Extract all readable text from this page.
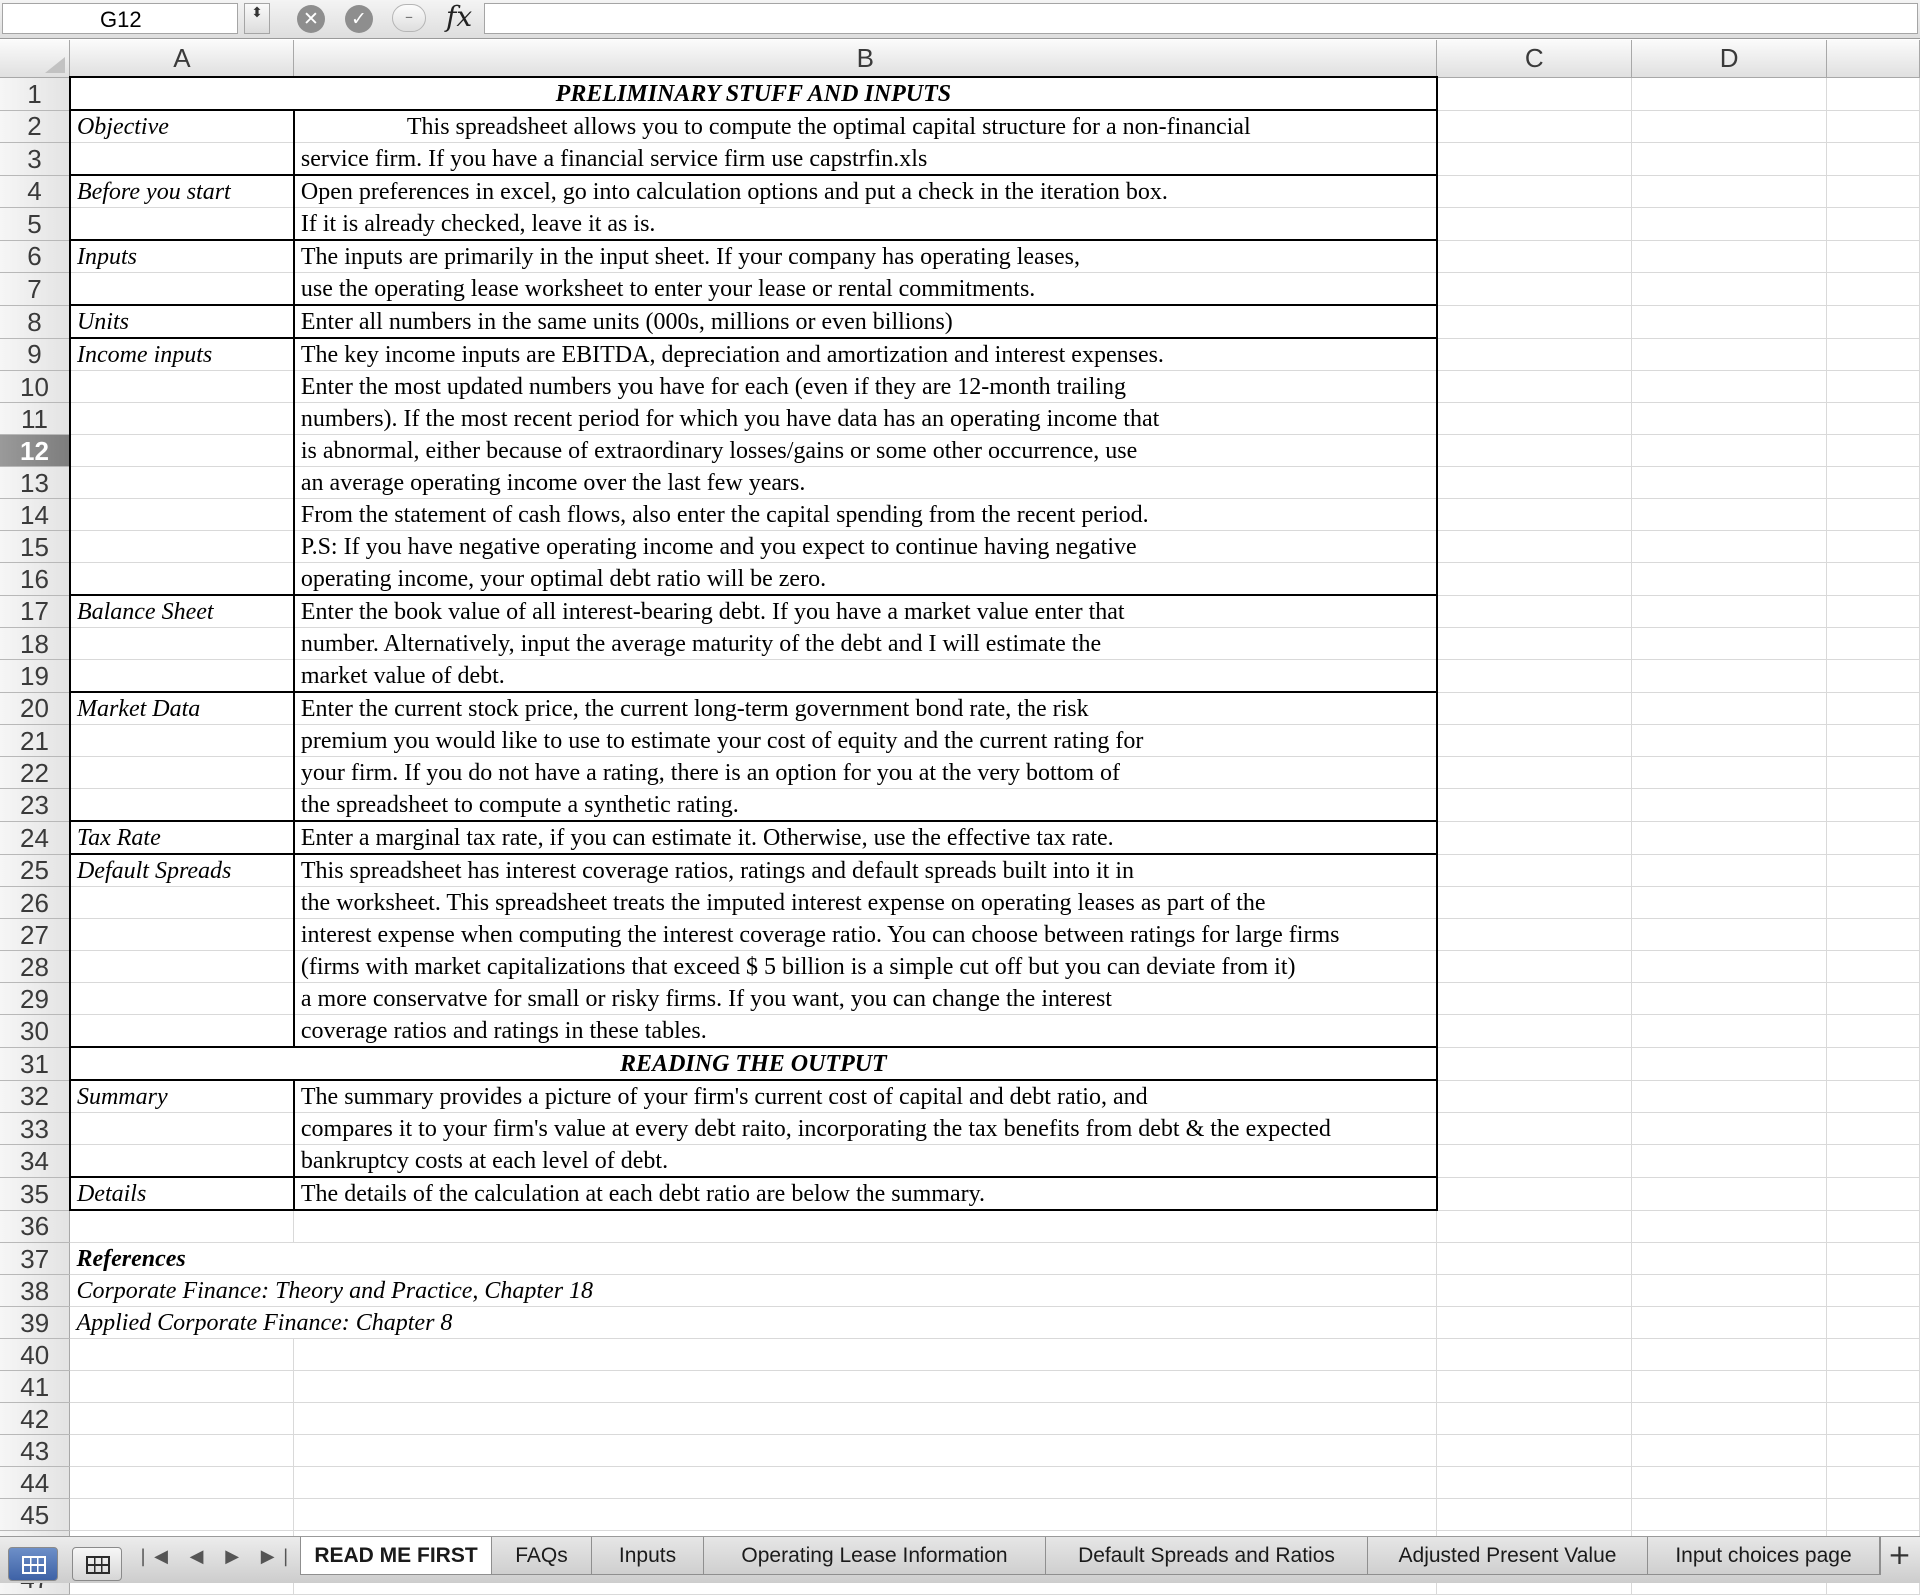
G12	⬍	✕	✓	–	fx
	A	B	C	D	
1	PRELIMINARY STUFF AND INPUTS				
2	Objective	This spreadsheet allows you to compute the optimal capital structure for a non-financial			
3		service firm. If you have a financial service firm use capstrfin.xls			
4	Before you start	Open preferences in excel, go into calculation options and put a check in the iteration box.			
5		If it is already checked, leave it as is.			
6	Inputs	The inputs are primarily in the input sheet. If your company has operating leases,			
7		use the operating lease worksheet to enter your lease or rental commitments.			
8	Units	Enter all numbers in the same units (000s, millions or even billions)			
9	Income inputs	The key income inputs are EBITDA, depreciation and amortization and interest expenses.			
10		Enter the most updated numbers you have for each (even if they are 12-month trailing			
11		numbers). If the most recent period for which you have data has an operating income that			
12		is abnormal, either because of extraordinary losses/gains or some other occurrence, use			
13		an average operating income over the last few years.			
14		From the statement of cash flows, also enter the capital spending from the recent period.			
15		P.S: If you have negative operating income and you expect to continue having negative			
16		operating income, your optimal debt ratio will be zero.			
17	Balance Sheet	Enter the book value of all interest-bearing debt. If you have a market value enter that			
18		number. Alternatively, input the average maturity of the debt and I will estimate the			
19		market value of debt.			
20	Market Data	Enter the current stock price, the current long-term government bond rate, the risk			
21		premium you would like to use to estimate your cost of equity and the current rating for			
22		your firm. If you do not have a rating, there is an option for you at the very bottom of			
23		the spreadsheet to compute a synthetic rating.			
24	Tax Rate	Enter a marginal tax rate, if you can estimate it. Otherwise, use the effective tax rate.			
25	Default Spreads	This spreadsheet has interest coverage ratios, ratings and default spreads built into it in			
26		the worksheet. This spreadsheet treats the imputed interest expense on operating leases as part of the			
27		interest expense when computing the interest coverage ratio. You can choose between ratings for large firms			
28		(firms with market capitalizations that exceed $ 5 billion is a simple cut off but you can deviate from it)			
29		a more conservatve for small or risky firms. If you want, you can change the interest			
30		coverage ratios and ratings in these tables.			
31	READING THE OUTPUT				
32	Summary	The summary provides a picture of your firm's current cost of capital and debt ratio, and			
33		compares it to your firm's value at every debt raito, incorporating the tax benefits from debt & the expected			
34		bankruptcy costs at each level of debt.			
35	Details	The details of the calculation at each debt ratio are below the summary.			
36					
37	References				
38	Corporate Finance: Theory and Practice, Chapter 18				
39	Applied Corporate Finance: Chapter 8				
40					
41					
42					
43					
44					
45					

|◀ ◀ ▶ ▶| READ ME FIRST	FAQs	Inputs	Operating Lease Information	Default Spreads and Ratios	Adjusted Present Value	Input choices page	+
